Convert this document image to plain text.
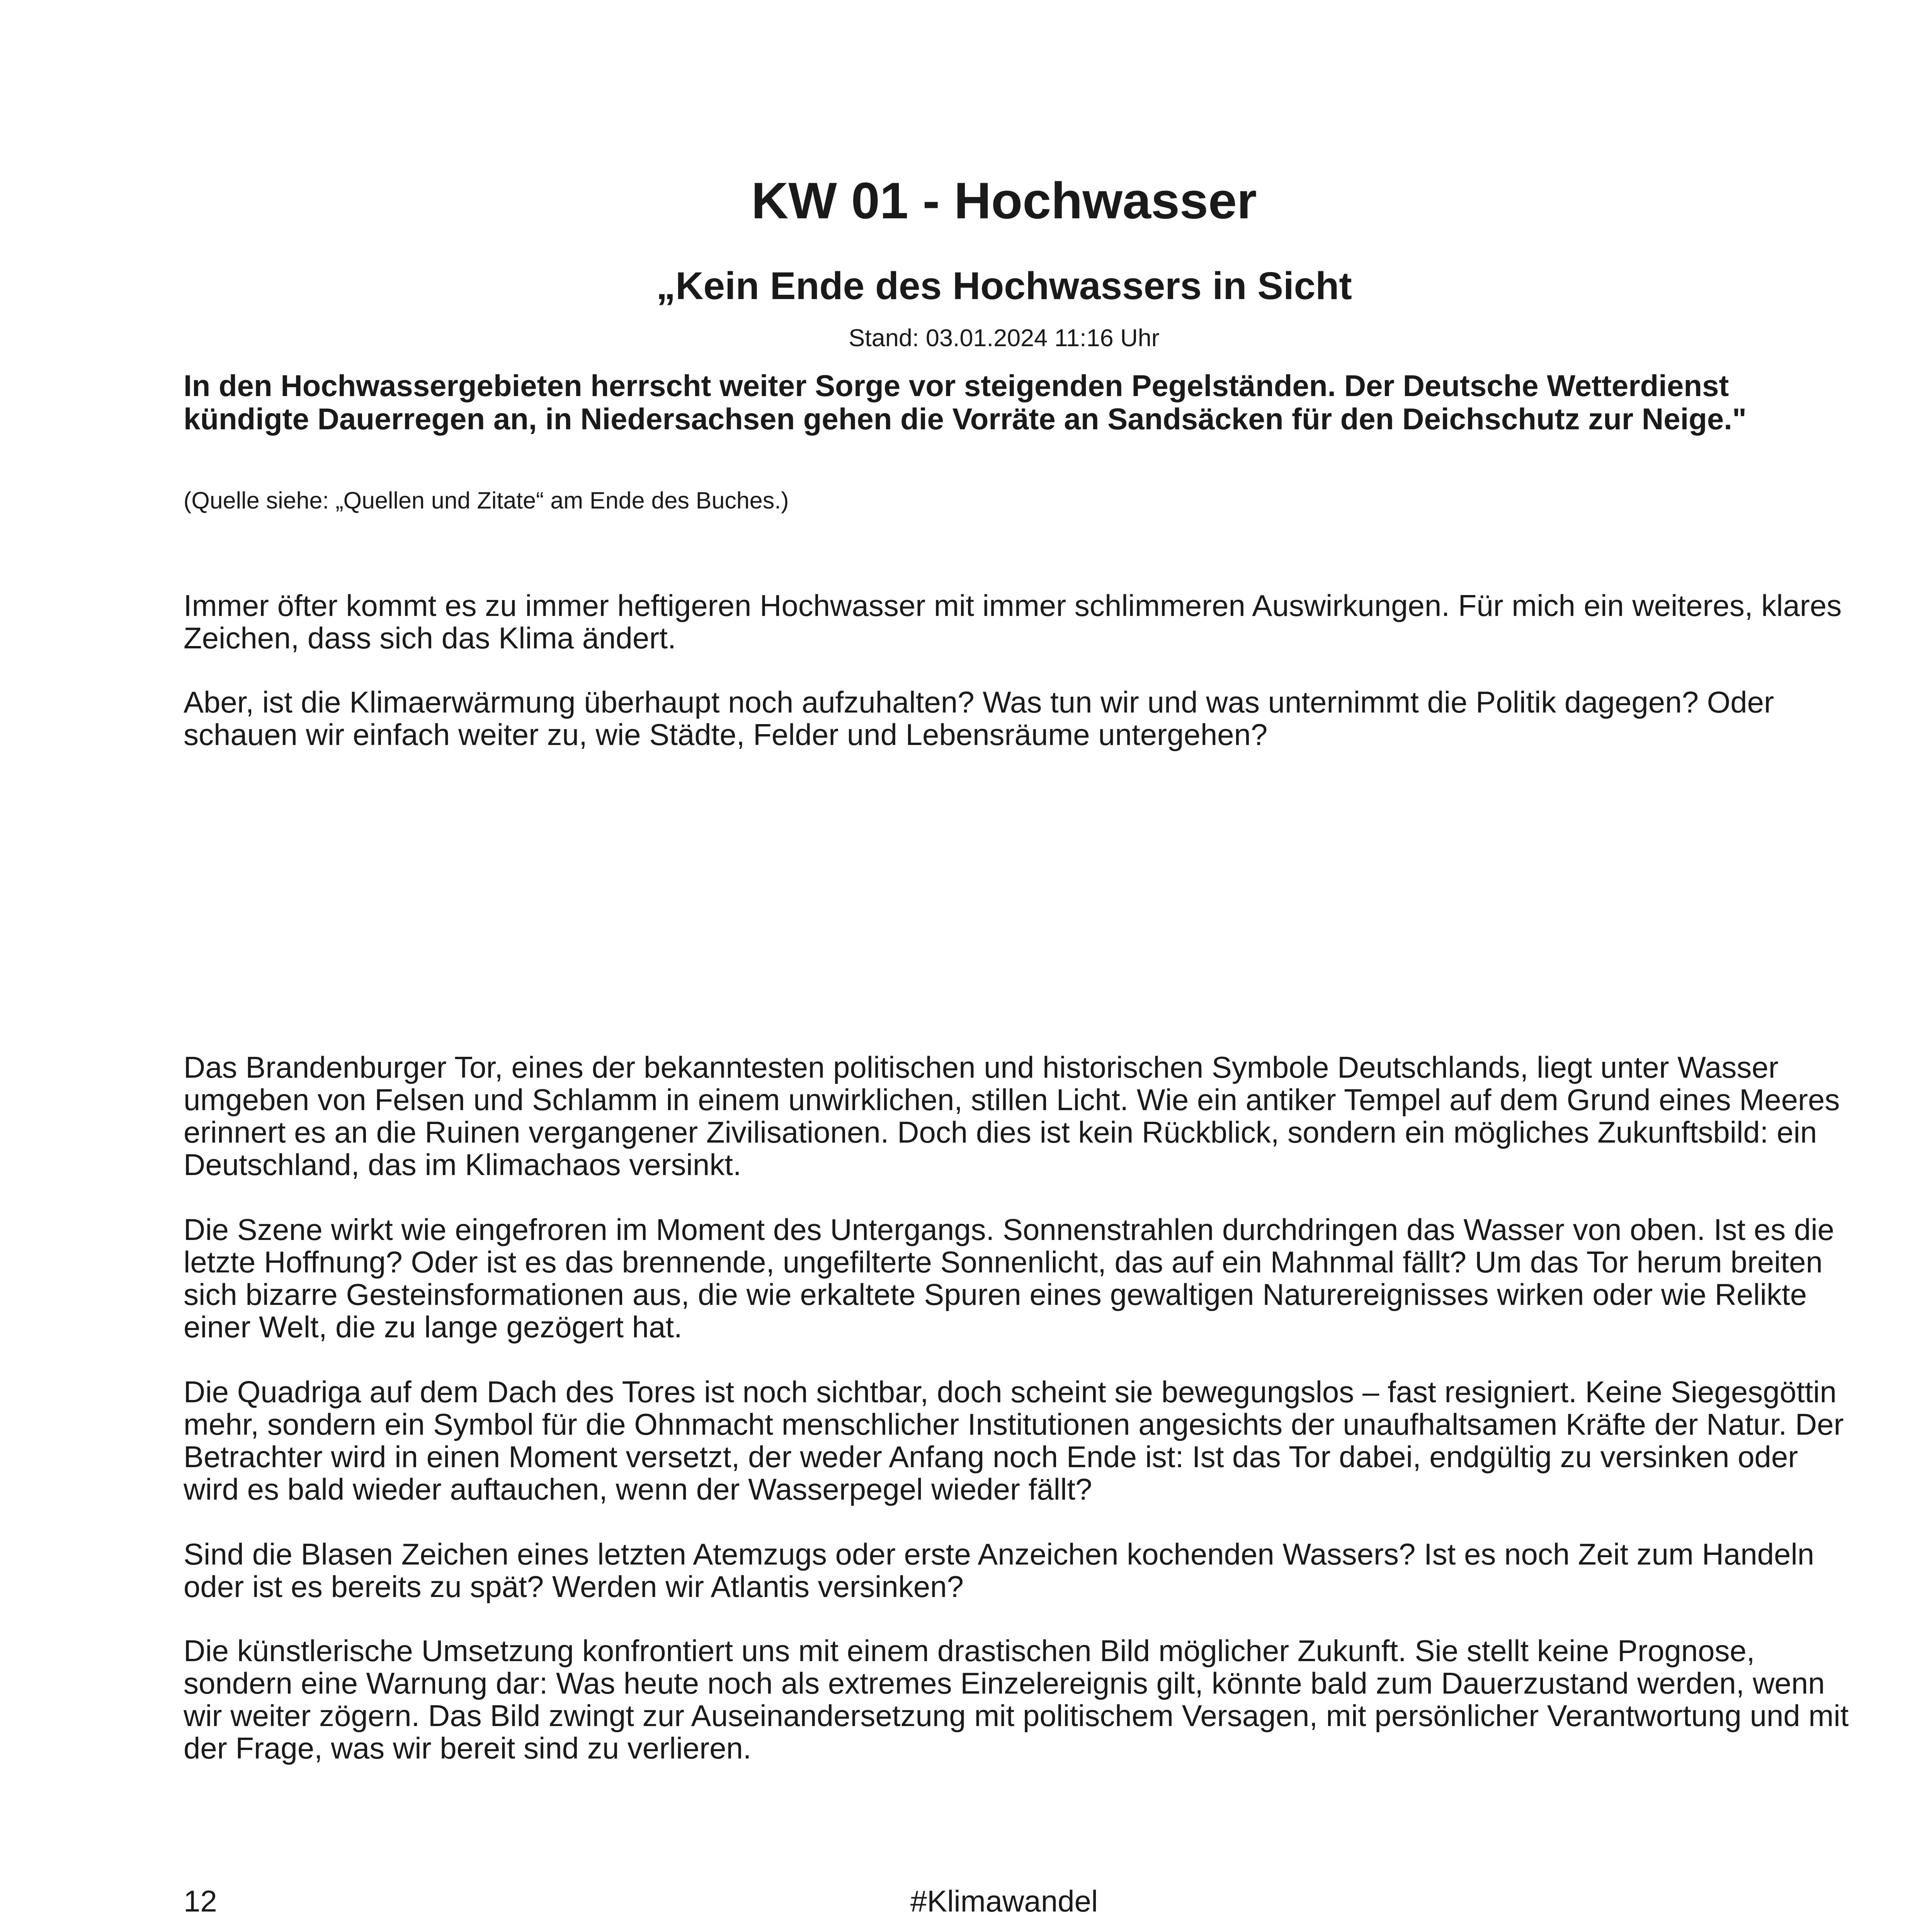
KW 01 - Hochwasser
„Kein Ende des Hochwassers in Sicht
Stand: 03.01.2024 11:16 Uhr
In den Hochwassergebieten herrscht weiter Sorge vor steigenden Pegelständen. Der Deutsche Wetterdienst kündigte Dauerregen an, in Niedersachsen gehen die Vorräte an Sandsäcken für den Deichschutz zur Neige."
(Quelle siehe: „Quellen und Zitate“ am Ende des Buches.)
Immer öfter kommt es zu immer heftigeren Hochwasser mit immer schlimmeren Auswirkungen. Für mich ein weiteres, klares Zeichen, dass sich das Klima ändert.
Aber, ist die Klimaerwärmung überhaupt noch aufzuhalten? Was tun wir und was unternimmt die Politik dagegen? Oder schauen wir einfach weiter zu, wie Städte, Felder und Lebensräume untergehen?
Das Brandenburger Tor, eines der bekanntesten politischen und historischen Symbole Deutschlands, liegt unter Wasser umgeben von Felsen und Schlamm in einem unwirklichen, stillen Licht. Wie ein antiker Tempel auf dem Grund eines Meeres erinnert es an die Ruinen vergangener Zivilisationen. Doch dies ist kein Rückblick, sondern ein mögliches Zukunftsbild: ein Deutschland, das im Klimachaos versinkt.
Die Szene wirkt wie eingefroren im Moment des Untergangs. Sonnenstrahlen durchdringen das Wasser von oben. Ist es die letzte Hoffnung? Oder ist es das brennende, ungefilterte Sonnenlicht, das auf ein Mahnmal fällt? Um das Tor herum breiten sich bizarre Gesteinsformationen aus, die wie erkaltete Spuren eines gewaltigen Naturereignisses wirken oder wie Relikte einer Welt, die zu lange gezögert hat.
Die Quadriga auf dem Dach des Tores ist noch sichtbar, doch scheint sie bewegungslos – fast resigniert. Keine Siegesgöttin mehr, sondern ein Symbol für die Ohnmacht menschlicher Institutionen angesichts der unaufhaltsamen Kräfte der Natur. Der Betrachter wird in einen Moment versetzt, der weder Anfang noch Ende ist: Ist das Tor dabei, endgültig zu versinken oder wird es bald wieder auftauchen, wenn der Wasserpegel wieder fällt?
Sind die Blasen Zeichen eines letzten Atemzugs oder erste Anzeichen kochenden Wassers? Ist es noch Zeit zum Handeln oder ist es bereits zu spät? Werden wir Atlantis versinken?
Die künstlerische Umsetzung konfrontiert uns mit einem drastischen Bild möglicher Zukunft. Sie stellt keine Prognose, sondern eine Warnung dar: Was heute noch als extremes Einzelereignis gilt, könnte bald zum Dauerzustand werden, wenn wir weiter zögern. Das Bild zwingt zur Auseinandersetzung mit politischem Versagen, mit persönlicher Verantwortung und mit der Frage, was wir bereit sind zu verlieren.
12	#Klimawandel
